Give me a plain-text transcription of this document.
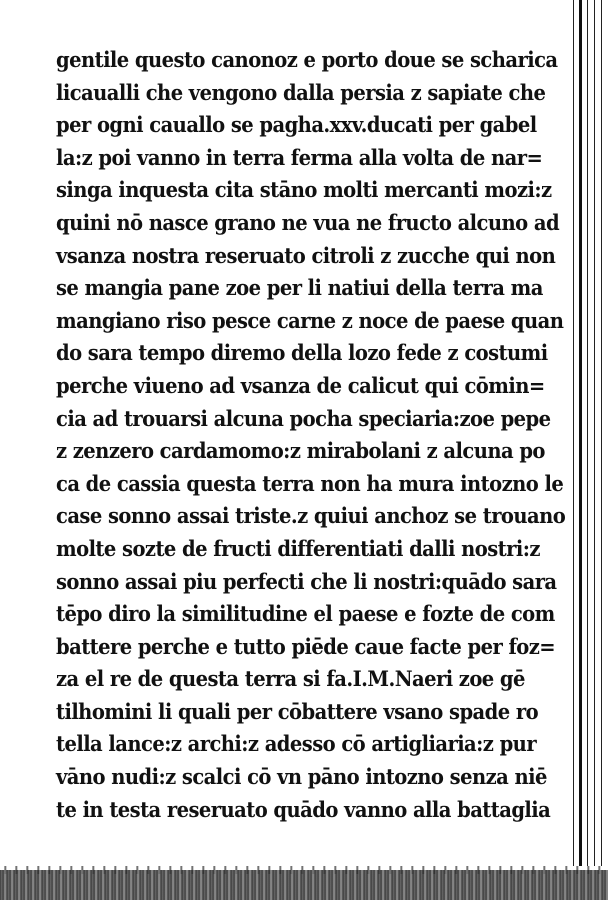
gentile questo canonoz e porto doue se scharica
licaualli che vengono dalla persia z sapiate che
per ogni cauallo se pagha.xxv.ducati per gabel
la:z poi vanno in terra ferma alla volta de nar=
singa inquesta cita stāno molti mercanti mozi:z
quini nō nasce grano ne vua ne fructo alcuno ad
vsanza nostra reseruato citroli z zucche qui non
se mangia pane zoe per li natiui della terra ma
mangiano riso pesce carne z noce de paese quan
do sara tempo diremo della lozo fede z costumi
perche viueno ad vsanza de calicut qui cōmin=
cia ad trouarsi alcuna pocha speciaria:zoe pepe
z zenzero cardamomo:z mirabolani z alcuna po
ca de cassia questa terra non ha mura intozno le
case sonno assai triste.z quiui anchoz se trouano
molte sozte de fructi differentiati dalli nostri:z
sonno assai piu perfecti che li nostri:quādo sara
tēpo diro la similitudine el paese e fozte de com
battere perche e tutto piēde caue facte per foz=
za el re de questa terra si fa.I.M.Naeri zoe gē
tilhomini li quali per cōbattere vsano spade ro
tella lance:z archi:z adesso cō artigliaria:z pur
vāno nudi:z scalci cō vn pāno intozno senza niē
te in testa reseruato quādo vanno alla battaglia
